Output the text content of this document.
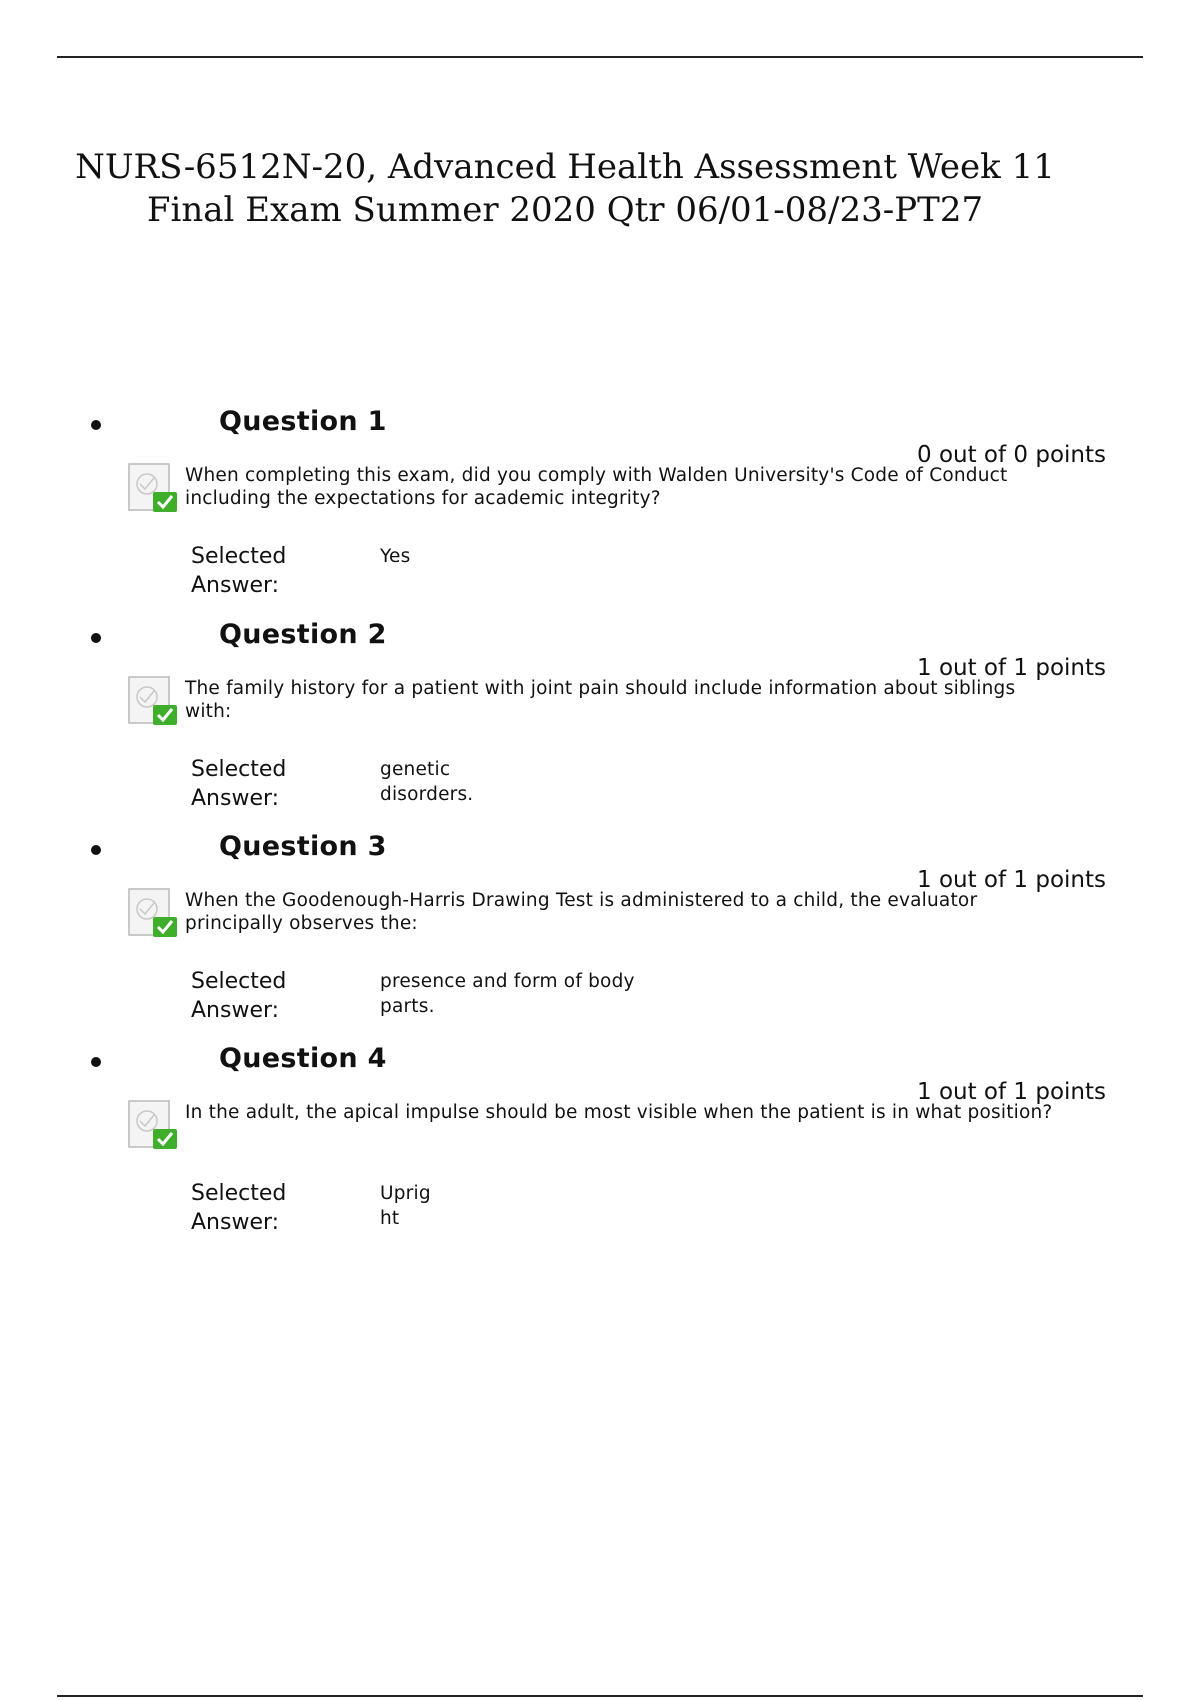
NURS-6512N-20, Advanced Health Assessment Week 11 Final Exam Summer 2020 Qtr 06/01-08/23-PT27
Question 1
0 out of 0 points
When completing this exam, did you comply with Walden University's Code of Conduct including the expectations for academic integrity?
Selected Answer:
Yes
Question 2
1 out of 1 points
The family history for a patient with joint pain should include information about siblings with:
Selected Answer:
genetic disorders.
Question 3
1 out of 1 points
When the Goodenough-Harris Drawing Test is administered to a child, the evaluator principally observes the:
Selected Answer:
presence and form of body parts.
Question 4
1 out of 1 points
In the adult, the apical impulse should be most visible when the patient is in what position?
Selected Answer:
Upright
